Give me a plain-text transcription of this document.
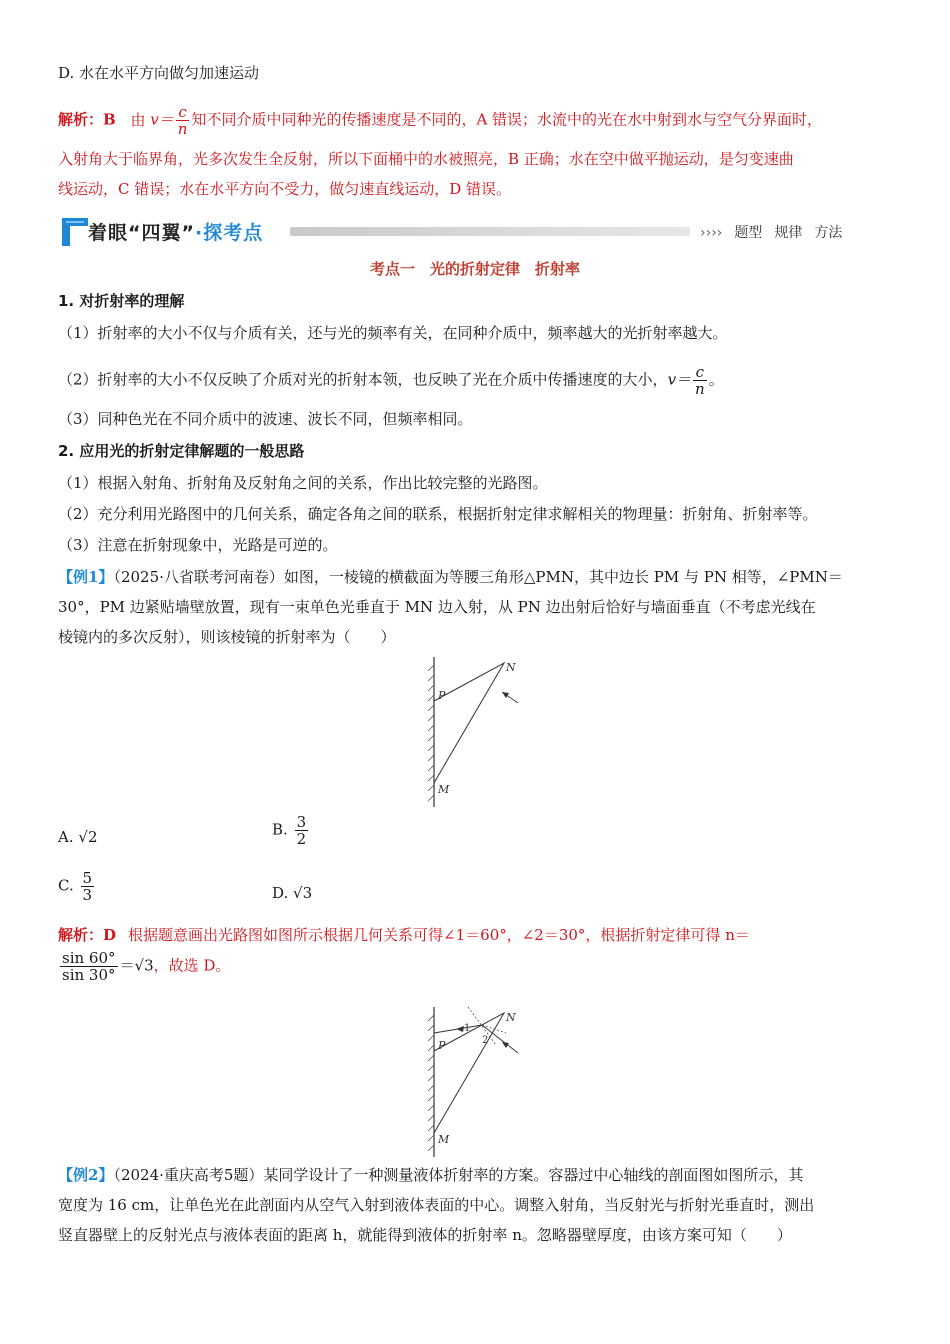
D. 水在水平方向做匀加速运动
解析：B 由 $v= \frac{c}{n}$ 知不同介质中同种光的传播速度是不同的，A 错误；水流中的光在水中射到水与空气分界面时，
入射角大于临界角，光多次发生全反射，所以下面桶中的水被照亮，B 正确；水在空中做平抛运动，是匀变速曲
线运动，C 错误；水在水平方向不受力，做匀速直线运动，D 错误。
着眼“四翼”·探考点	›››› 题型 规律 方法
考点一　光的折射定律　折射率
1. 对折射率的理解
（1）折射率的大小不仅与介质有关，还与光的频率有关，在同种介质中，频率越大的光折射率越大。
（2）折射率的大小不仅反映了介质对光的折射本领，也反映了光在介质中传播速度的大小，$v= \frac{c}{n}$ 。
（3）同种色光在不同介质中的波速、波长不同，但频率相同。
2. 应用光的折射定律解题的一般思路
（1）根据入射角、折射角及反射角之间的关系，作出比较完整的光路图。
（2）充分利用光路图中的几何关系，确定各角之间的联系，根据折射定律求解相关的物理量：折射角、折射率等。
（3）注意在折射现象中，光路是可逆的。
【例1】（2025·八省联考河南卷）如图，一棱镜的横截面为等腰三角形△PMN，其中边长 PM 与 PN 相等，∠PMN＝
30°，PM 边紧贴墙壁放置，现有一束单色光垂直于 MN 边入射，从 PN 边出射后恰好与墙面垂直（不考虑光线在
棱镜内的多次反射），则该棱镜的折射率为（　　）
P
N
M
A. √2	B. $\frac{3}{2}$
C. $\frac{5}{3}$	D. √3
解析：D 根据题意画出光路图如图所示根据几何关系可得∠1＝60°，∠2＝30°，根据折射定律可得 n＝
$\frac{\sin 60^\circ}{\sin 30^\circ} =√3$，故选 D。
1
2
P
N
M
【例2】（2024·重庆高考5题）某同学设计了一种测量液体折射率的方案。容器过中心轴线的剖面图如图所示，其
宽度为 16 cm，让单色光在此剖面内从空气入射到液体表面的中心。调整入射角，当反射光与折射光垂直时，测出
竖直器壁上的反射光点与液体表面的距离 h，就能得到液体的折射率 n。忽略器壁厚度，由该方案可知（　　）
